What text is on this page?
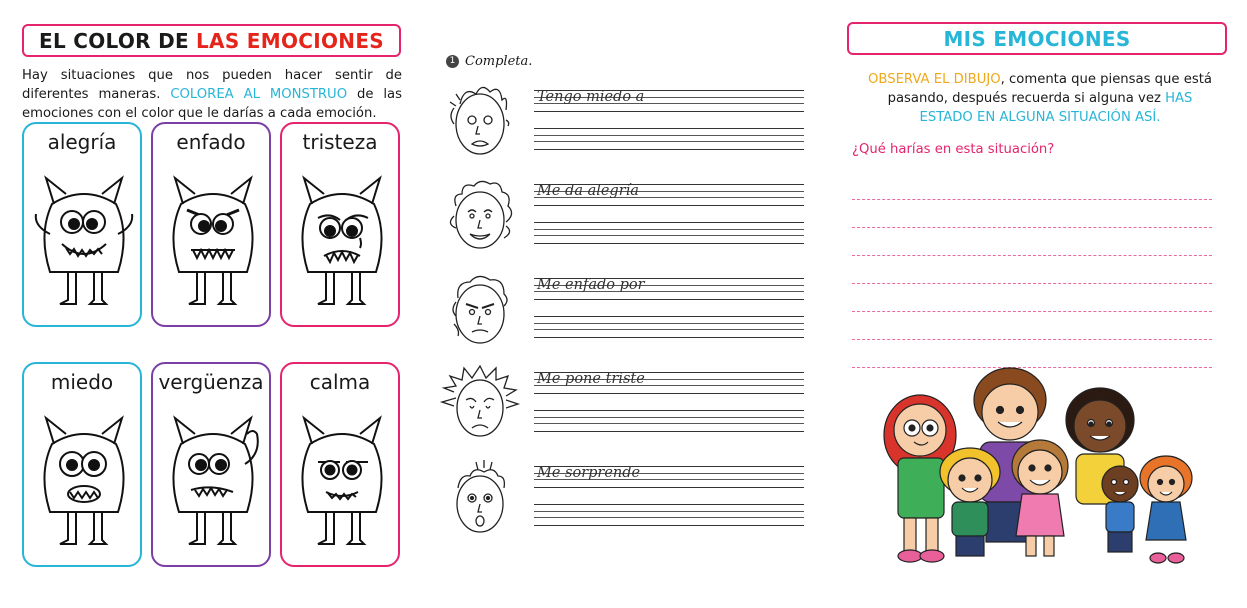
EL COLOR DE LAS EMOCIONES

Hay situaciones que nos pueden hacer sentir de diferentes maneras. COLOREA AL MONSTRUO de las emociones con el color que le darías a cada emoción.

alegría	enfado	tristeza
miedo	vergüenza	calma
1 Completa.
Tengo miedo a
Me da alegría
Me enfado por
Me pone triste
Me sorprende
MIS EMOCIONES

OBSERVA EL DIBUJO, comenta que piensas que está pasando, después recuerda si alguna vez HAS ESTADO EN ALGUNA SITUACIÓN ASÍ.

¿Qué harías en esta situación?
